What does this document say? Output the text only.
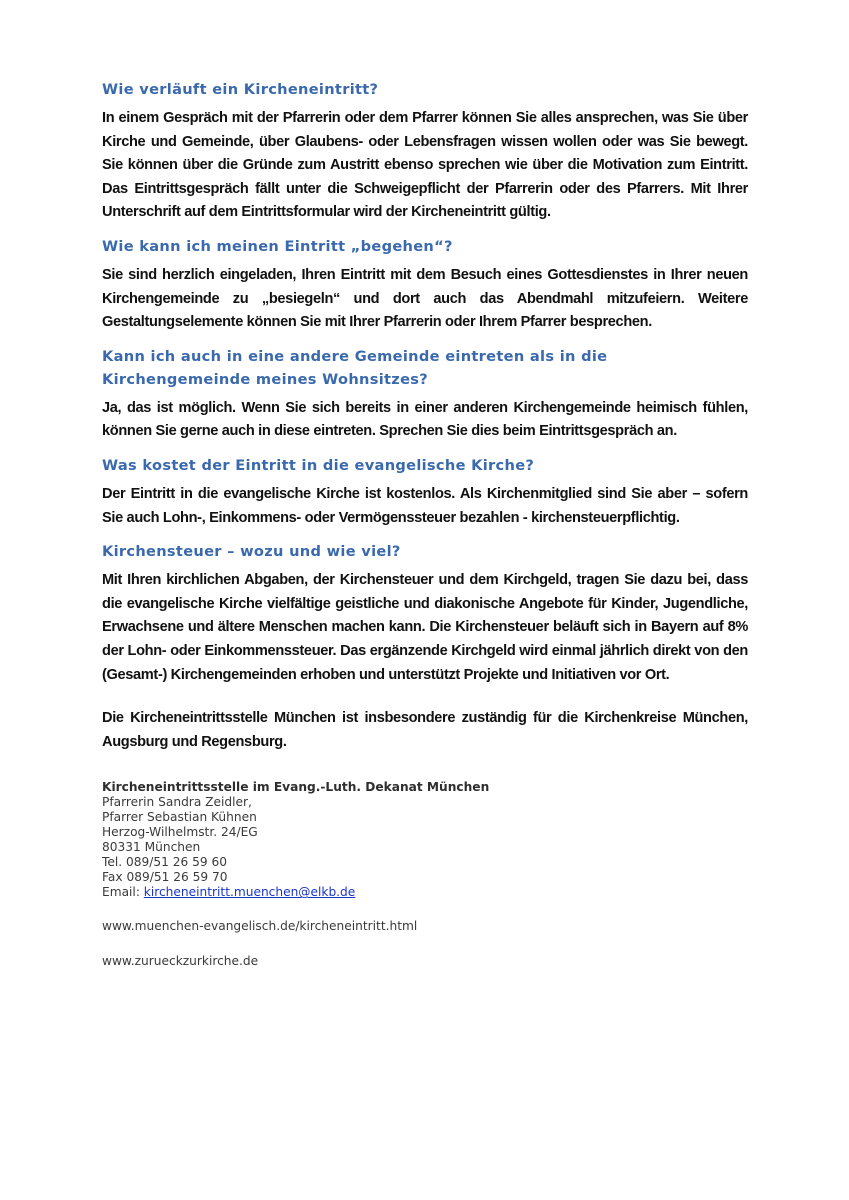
Wie verläuft ein Kircheneintritt?

In einem Gespräch mit der Pfarrerin oder dem Pfarrer können Sie alles ansprechen, was Sie über Kirche und Gemeinde, über Glaubens- oder Lebensfragen wissen wollen oder was Sie bewegt. Sie können über die Gründe zum Austritt ebenso sprechen wie über die Motivation zum Eintritt. Das Eintrittsgespräch fällt unter die Schweigepflicht der Pfarrerin oder des Pfarrers. Mit Ihrer Unterschrift auf dem Eintrittsformular wird der Kircheneintritt gültig.

Wie kann ich meinen Eintritt „begehen“?

Sie sind herzlich eingeladen, Ihren Eintritt mit dem Besuch eines Gottesdienstes in Ihrer neuen Kirchengemeinde zu „besiegeln“ und dort auch das Abendmahl mitzufeiern. Weitere Gestaltungselemente können Sie mit Ihrer Pfarrerin oder Ihrem Pfarrer besprechen.

Kann ich auch in eine andere Gemeinde eintreten als in die Kirchengemeinde meines Wohnsitzes?

Ja, das ist möglich. Wenn Sie sich bereits in einer anderen Kirchengemeinde heimisch fühlen, können Sie gerne auch in diese eintreten. Sprechen Sie dies beim Eintrittsgespräch an.

Was kostet der Eintritt in die evangelische Kirche?

Der Eintritt in die evangelische Kirche ist kostenlos. Als Kirchenmitglied sind Sie aber – sofern Sie auch Lohn-, Einkommens- oder Vermögenssteuer bezahlen - kirchensteuerpflichtig.

Kirchensteuer – wozu und wie viel?

Mit Ihren kirchlichen Abgaben, der Kirchensteuer und dem Kirchgeld, tragen Sie dazu bei, dass die evangelische Kirche vielfältige geistliche und diakonische Angebote für Kinder, Jugendliche, Erwachsene und ältere Menschen machen kann. Die Kirchensteuer beläuft sich in Bayern auf 8% der Lohn- oder Einkommenssteuer. Das ergänzende Kirchgeld wird einmal jährlich direkt von den (Gesamt-) Kirchengemeinden erhoben und unterstützt Projekte und Initiativen vor Ort.

Die Kircheneintrittsstelle München ist insbesondere zuständig für die Kirchenkreise München, Augsburg und Regensburg.

Kircheneintrittsstelle im Evang.-Luth. Dekanat München
Pfarrerin Sandra Zeidler,
Pfarrer Sebastian Kühnen
Herzog-Wilhelmstr. 24/EG
80331 München
Tel. 089/51 26 59 60
Fax 089/51 26 59 70
Email: kircheneintritt.muenchen@elkb.de
www.muenchen-evangelisch.de/kircheneintritt.html
www.zurueckzurkirche.de
